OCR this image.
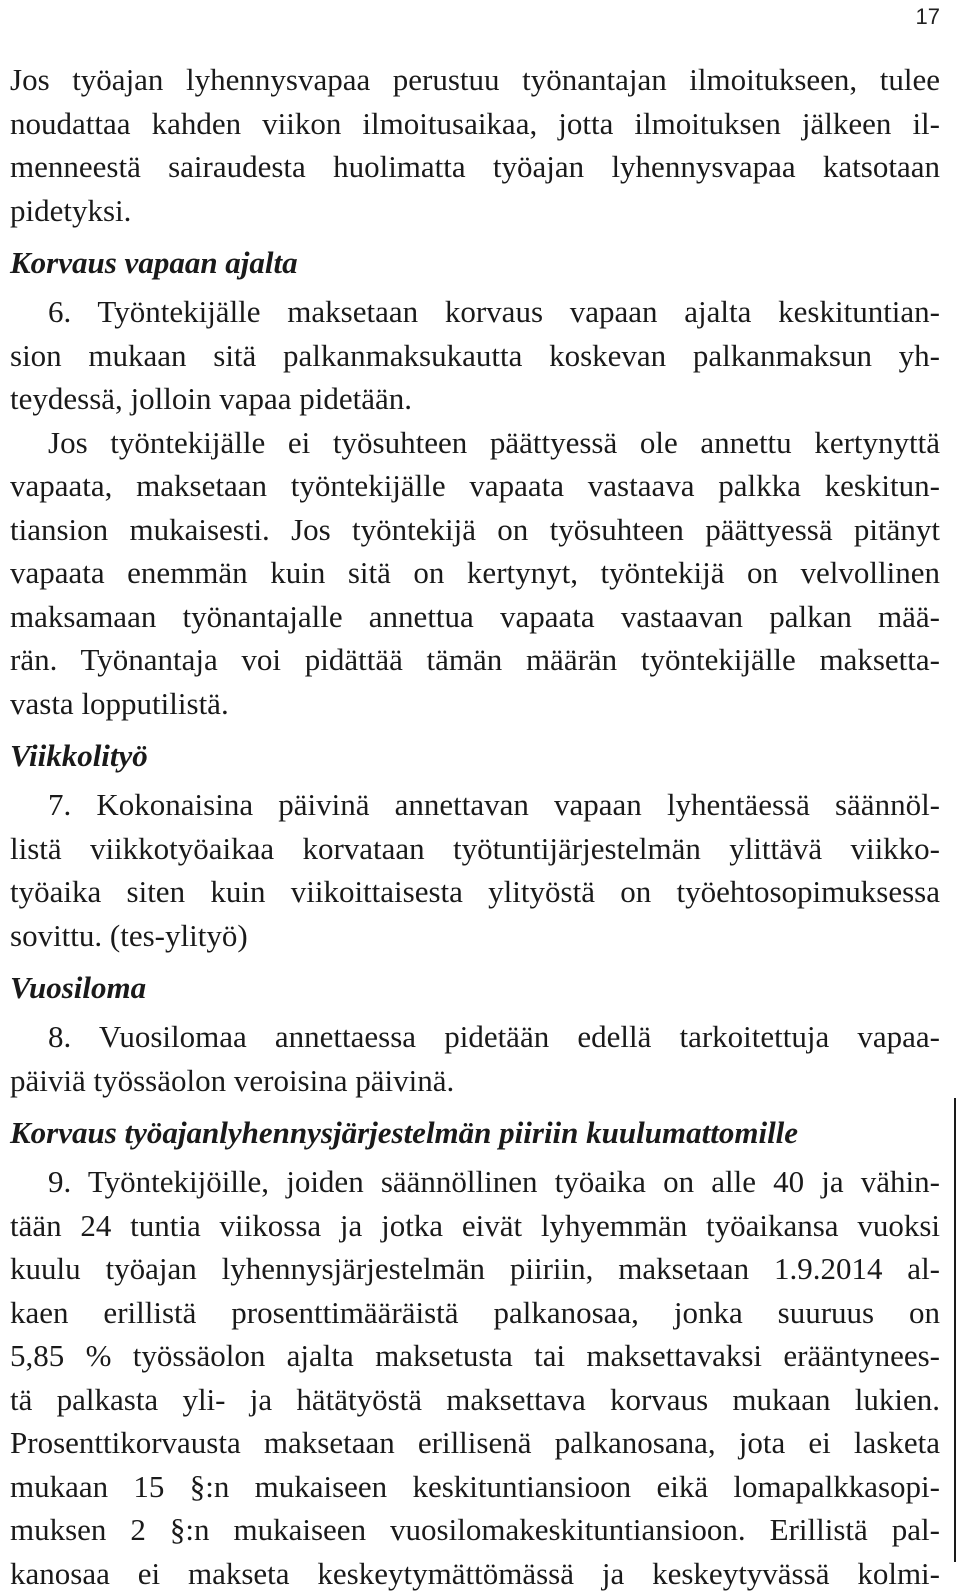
17

Jos työajan lyhennysvapaa perustuu työnantajan ilmoitukseen, tulee
noudattaa kahden viikon ilmoitusaikaa, jotta ilmoituksen jälkeen il-
menneestä sairaudesta huolimatta työajan lyhennysvapaa katsotaan
pidetyksi.

Korvaus vapaan ajalta

6. Työntekijälle maksetaan korvaus vapaan ajalta keskituntian-
sion mukaan sitä palkanmaksukautta koskevan palkanmaksun yh-
teydessä, jolloin vapaa pidetään.

Jos työntekijälle ei työsuhteen päättyessä ole annettu kertynyttä
vapaata, maksetaan työntekijälle vapaata vastaava palkka keskitun-
tiansion mukaisesti. Jos työntekijä on työsuhteen päättyessä pitänyt
vapaata enemmän kuin sitä on kertynyt, työntekijä on velvollinen
maksamaan työnantajalle annettua vapaata vastaavan palkan mää-
rän. Työnantaja voi pidättää tämän määrän työntekijälle maksetta-
vasta lopputilistä.

Viikkolityö

7. Kokonaisina päivinä annettavan vapaan lyhentäessä säännöl-
listä viikkotyöaikaa korvataan työtuntijärjestelmän ylittävä viikko-
työaika siten kuin viikoittaisesta ylityöstä on työehtosopimuksessa
sovittu. (tes-ylityö)

Vuosiloma

8. Vuosilomaa annettaessa pidetään edellä tarkoitettuja vapaa-
päiviä työssäolon veroisina päivinä.

Korvaus työajanlyhennysjärjestelmän piiriin kuulumattomille

9. Työntekijöille, joiden säännöllinen työaika on alle 40 ja vähin-
tään 24 tuntia viikossa ja jotka eivät lyhyemmän työaikansa vuoksi
kuulu työajan lyhennysjärjestelmän piiriin, maksetaan 1.9.2014 al-
kaen erillistä prosenttimääräistä palkanosaa, jonka suuruus on
5,85 % työssäolon ajalta maksetusta tai maksettavaksi erääntynees-
tä palkasta yli- ja hätätyöstä maksettava korvaus mukaan lukien.
Prosenttikorvausta maksetaan erillisenä palkanosana, jota ei lasketa
mukaan 15 §:n mukaiseen keskituntiansioon eikä lomapalkkasopi-
muksen 2 §:n mukaiseen vuosilomakeskituntiansioon. Erillistä pal-
kanosaa ei makseta keskeytymättömässä ja keskeytyvässä kolmi-
